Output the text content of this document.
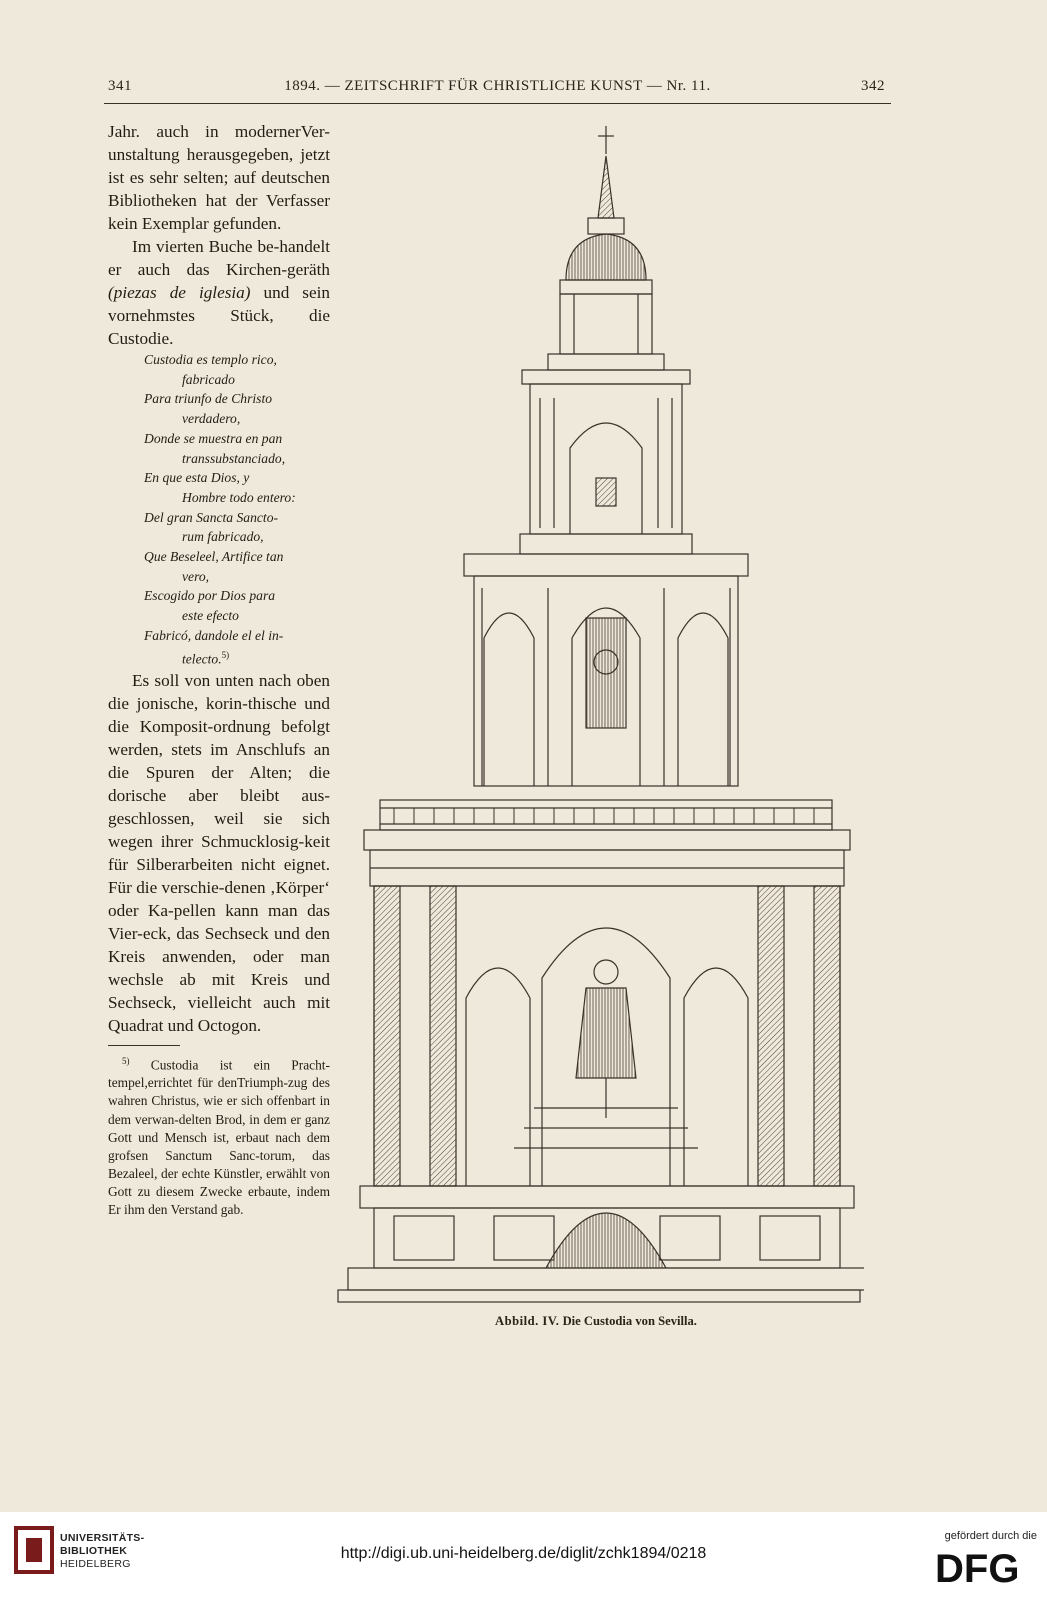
341	1894. — ZEITSCHRIFT FÜR CHRISTLICHE KUNST — Nr. 11.	342

Jahr. auch in modernerVer-unstaltung herausgegeben, jetzt ist es sehr selten; auf deutschen Bibliotheken hat der Verfasser kein Exemplar gefunden.

Im vierten Buche be-handelt er auch das Kirchen-geräth (piezas de iglesia) und sein vornehmstes Stück, die Custodie.

Custodia es templo rico,
fabricado
Para triunfo de Christo
verdadero,
Donde se muestra en pan
transsubstanciado,
En que esta Dios, y
Hombre todo entero:
Del gran Sancta Sancto-
rum fabricado,
Que Beseleel, Artifice tan
vero,
Escogido por Dios para
este efecto
Fabricó, dandole el el in-
telecto.$^{5)}$

Es soll von unten nach oben die jonische, korin-thische und die Komposit-ordnung befolgt werden, stets im Anschlufs an die Spuren der Alten; die dorische aber bleibt aus-geschlossen, weil sie sich wegen ihrer Schmucklosig-keit für Silberarbeiten nicht eignet. Für die verschie-denen ‚Körper‘ oder Ka-pellen kann man das Vier-eck, das Sechseck und den Kreis anwenden, oder man wechsle ab mit Kreis und Sechseck, vielleicht auch mit Quadrat und Octogon.

$^{5)}$ Custodia ist ein Pracht-tempel,errichtet für denTriumph-zug des wahren Christus, wie er sich offenbart in dem verwan-delten Brod, in dem er ganz Gott und Mensch ist, erbaut nach dem grofsen Sanctum Sanc-torum, das Bezaleel, der echte Künstler, erwählt von Gott zu diesem Zwecke erbaute, indem Er ihm den Verstand gab.

Abbild. IV. Die Custodia von Sevilla.
UNIVERSITÄTS-
BIBLIOTHEK
HEIDELBERG
http://digi.ub.uni-heidelberg.de/diglit/zchk1894/0218
gefördert durch die
DFG
